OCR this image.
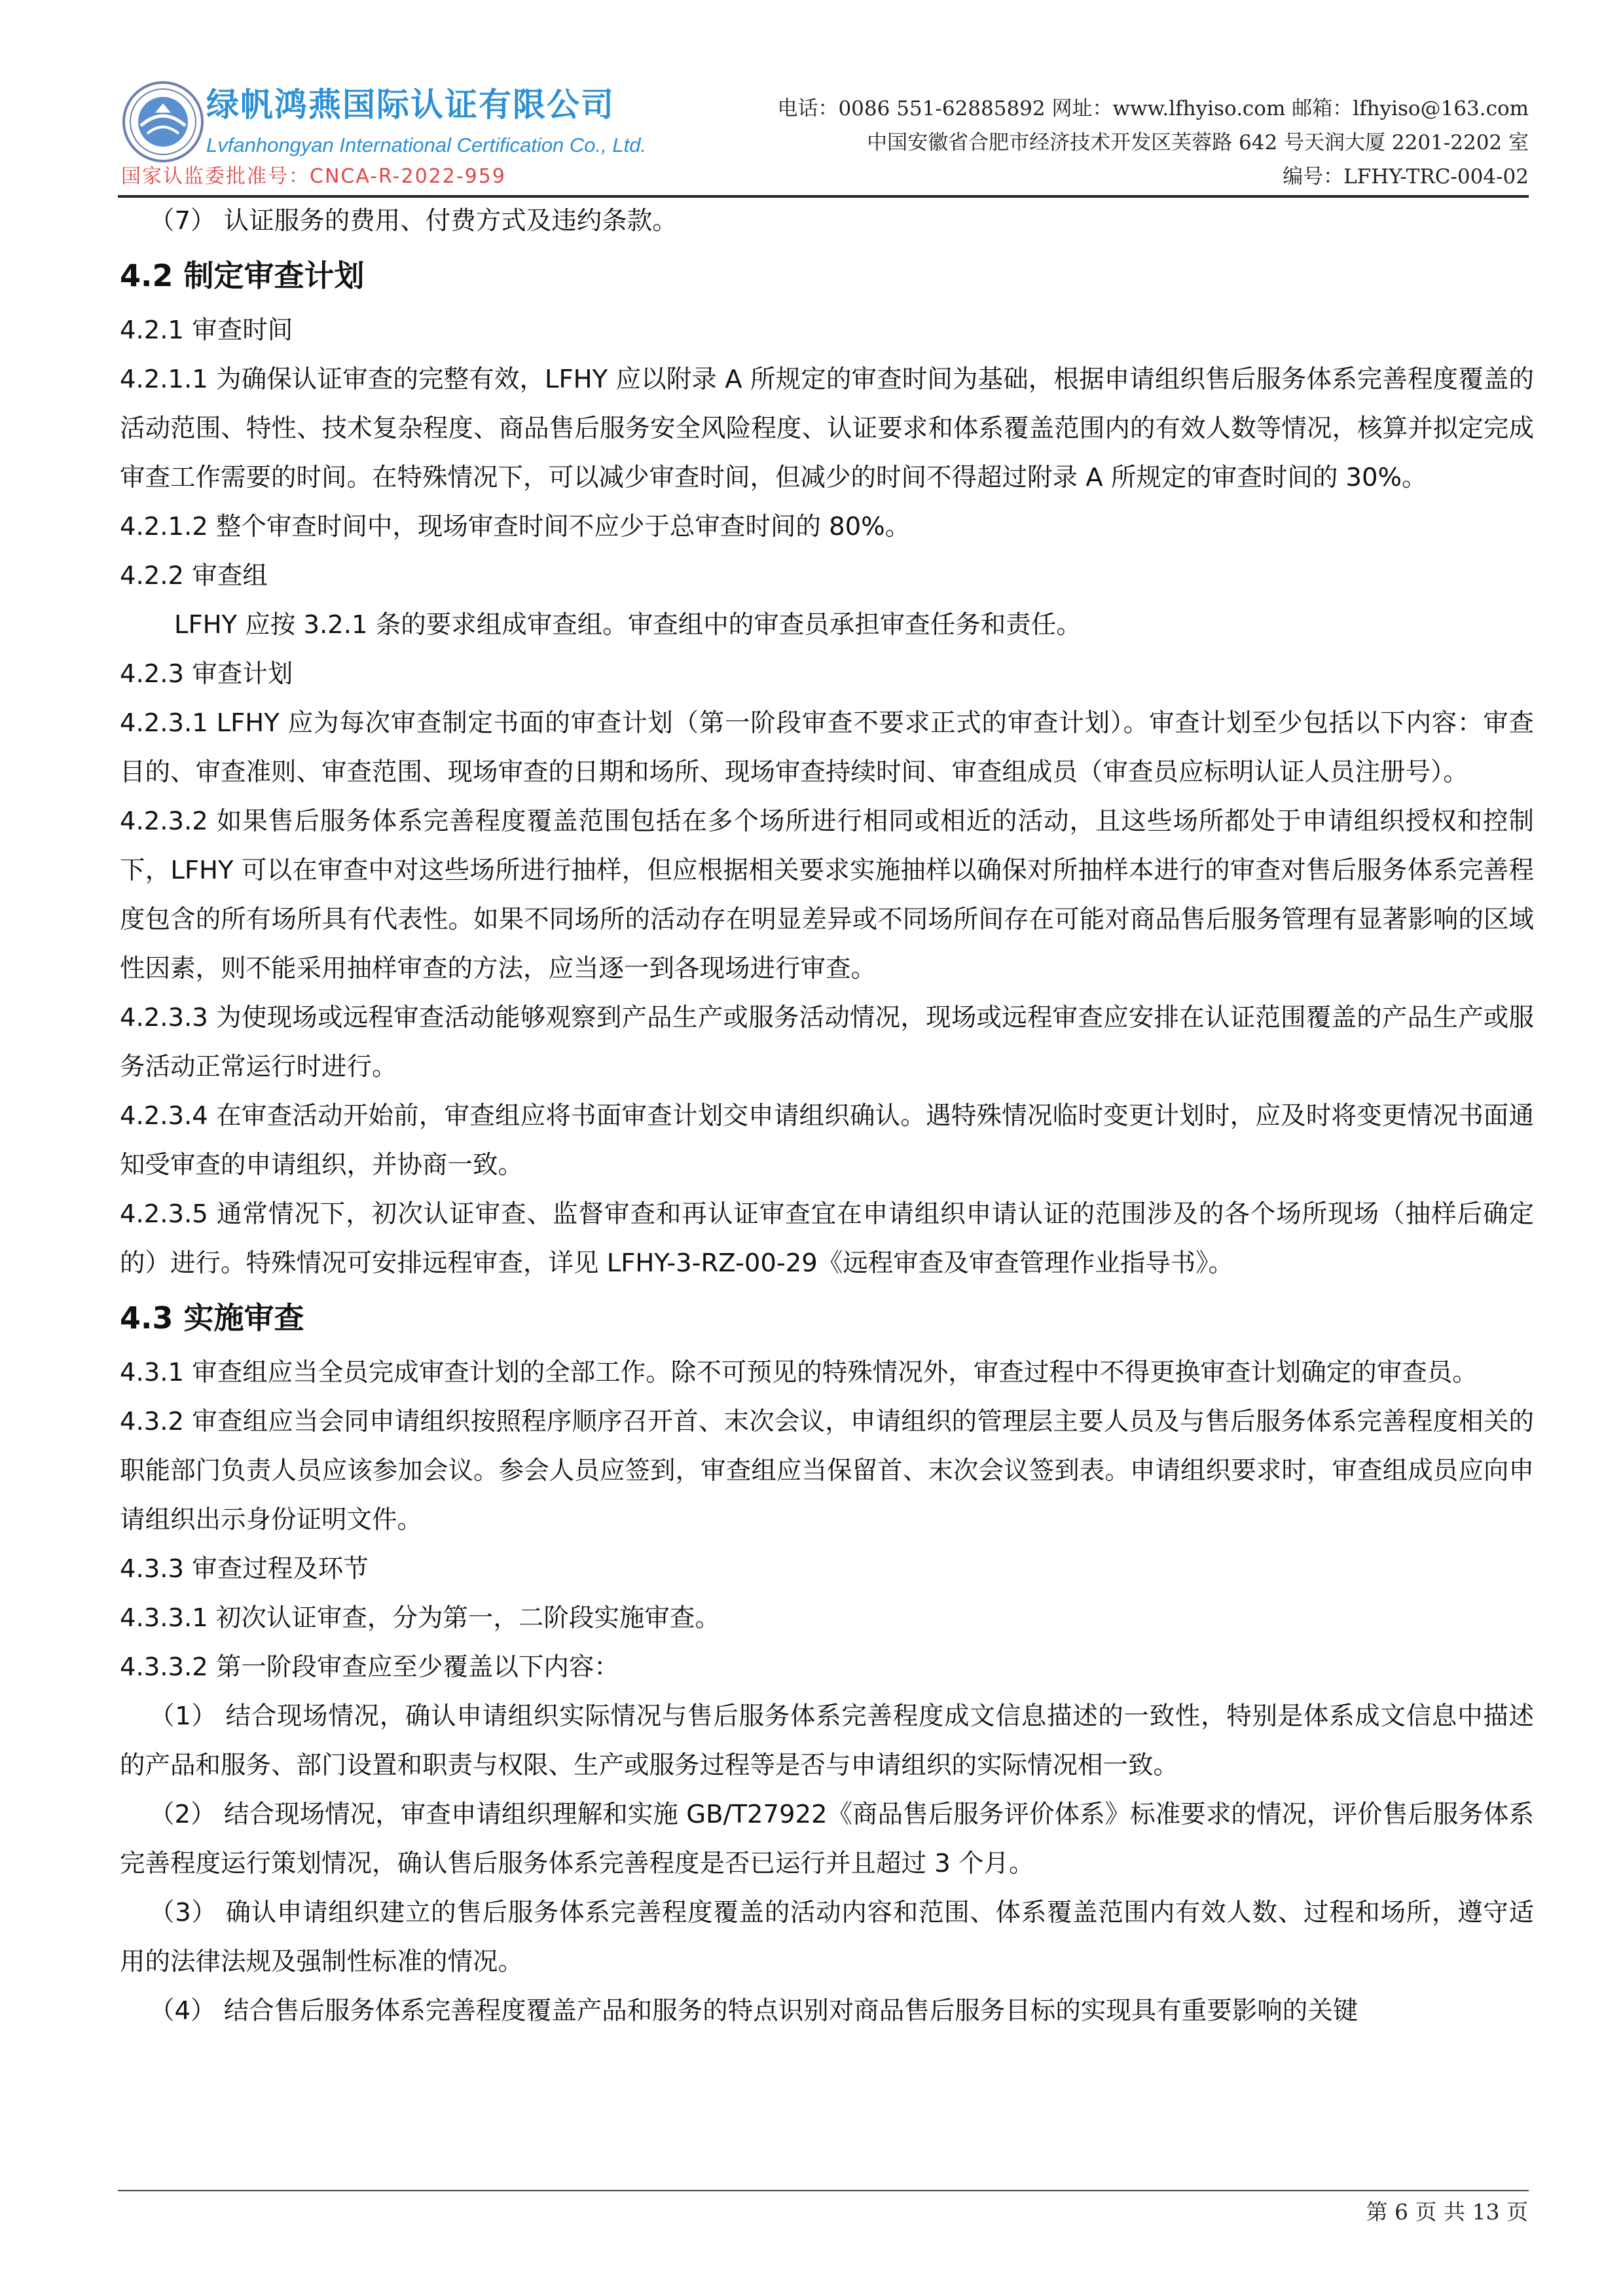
绿帆鸿燕国际认证有限公司
Lvfanhongyan International Certification Co., Ltd.
国家认监委批准号：CNCA-R-2022-959
电话：0086 551-62885892 网址：www.lfhyiso.com 邮箱：lfhyiso@163.com
中国安徽省合肥市经济技术开发区芙蓉路 642 号天润大厦 2201-2202 室
编号：LFHY-TRC-004-02

（7） 认证服务的费用、付费方式及违约条款。

4.2 制定审查计划

4.2.1 审查时间

4.2.1.1 为确保认证审查的完整有效，LFHY 应以附录 A 所规定的审查时间为基础，根据申请组织售后服务体系完善程度覆盖的活动范围、特性、技术复杂程度、商品售后服务安全风险程度、认证要求和体系覆盖范围内的有效人数等情况，核算并拟定完成审查工作需要的时间。在特殊情况下，可以减少审查时间，但减少的时间不得超过附录 A 所规定的审查时间的 30%。

4.2.1.2 整个审查时间中，现场审查时间不应少于总审查时间的 80%。

4.2.2 审查组

LFHY 应按 3.2.1 条的要求组成审查组。审查组中的审查员承担审查任务和责任。

4.2.3 审查计划

4.2.3.1 LFHY 应为每次审查制定书面的审查计划（第一阶段审查不要求正式的审查计划）。审查计划至少包括以下内容：审查目的、审查准则、审查范围、现场审查的日期和场所、现场审查持续时间、审查组成员（审查员应标明认证人员注册号）。

4.2.3.2 如果售后服务体系完善程度覆盖范围包括在多个场所进行相同或相近的活动，且这些场所都处于申请组织授权和控制下，LFHY 可以在审查中对这些场所进行抽样，但应根据相关要求实施抽样以确保对所抽样本进行的审查对售后服务体系完善程度包含的所有场所具有代表性。如果不同场所的活动存在明显差异或不同场所间存在可能对商品售后服务管理有显著影响的区域性因素，则不能采用抽样审查的方法，应当逐一到各现场进行审查。

4.2.3.3 为使现场或远程审查活动能够观察到产品生产或服务活动情况，现场或远程审查应安排在认证范围覆盖的产品生产或服务活动正常运行时进行。

4.2.3.4 在审查活动开始前，审查组应将书面审查计划交申请组织确认。遇特殊情况临时变更计划时，应及时将变更情况书面通知受审查的申请组织，并协商一致。

4.2.3.5 通常情况下，初次认证审查、监督审查和再认证审查宜在申请组织申请认证的范围涉及的各个场所现场（抽样后确定的）进行。特殊情况可安排远程审查，详见 LFHY-3-RZ-00-29《远程审查及审查管理作业指导书》。

4.3 实施审查

4.3.1 审查组应当全员完成审查计划的全部工作。除不可预见的特殊情况外，审查过程中不得更换审查计划确定的审查员。

4.3.2 审查组应当会同申请组织按照程序顺序召开首、末次会议，申请组织的管理层主要人员及与售后服务体系完善程度相关的职能部门负责人员应该参加会议。参会人员应签到，审查组应当保留首、末次会议签到表。申请组织要求时，审查组成员应向申请组织出示身份证明文件。

4.3.3 审查过程及环节

4.3.3.1 初次认证审查，分为第一，二阶段实施审查。

4.3.3.2 第一阶段审查应至少覆盖以下内容：

（1） 结合现场情况，确认申请组织实际情况与售后服务体系完善程度成文信息描述的一致性，特别是体系成文信息中描述的产品和服务、部门设置和职责与权限、生产或服务过程等是否与申请组织的实际情况相一致。

（2） 结合现场情况，审查申请组织理解和实施 GB/T27922《商品售后服务评价体系》标准要求的情况，评价售后服务体系完善程度运行策划情况，确认售后服务体系完善程度是否已运行并且超过 3 个月。

（3） 确认申请组织建立的售后服务体系完善程度覆盖的活动内容和范围、体系覆盖范围内有效人数、过程和场所，遵守适用的法律法规及强制性标准的情况。

（4） 结合售后服务体系完善程度覆盖产品和服务的特点识别对商品售后服务目标的实现具有重要影响的关键

第 6 页 共 13 页
